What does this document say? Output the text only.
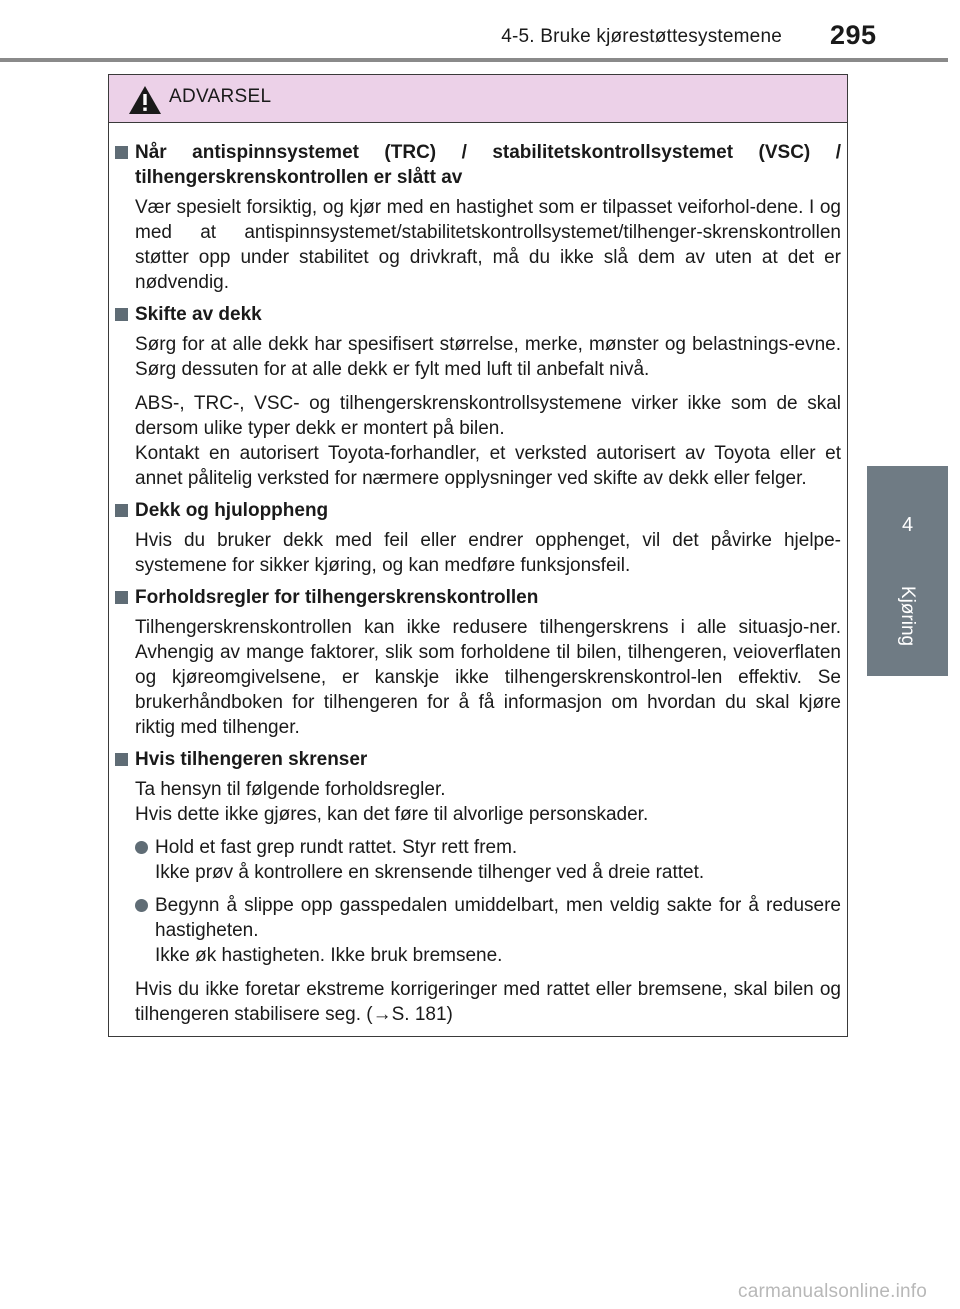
4-5. Bruke kjørestøttesystemene 295
4
Kjøring
ADVARSEL
Når antispinnsystemet (TRC) / stabilitetskontrollsystemet (VSC) / tilhengerskrenskontrollen er slått av
Vær spesielt forsiktig, og kjør med en hastighet som er tilpasset veiforhol-dene. I og med at antispinnsystemet/stabilitetskontrollsystemet/tilhenger-skrenskontrollen støtter opp under stabilitet og drivkraft, må du ikke slå dem av uten at det er nødvendig.
Skifte av dekk
Sørg for at alle dekk har spesifisert størrelse, merke, mønster og belastnings-evne. Sørg dessuten for at alle dekk er fylt med luft til anbefalt nivå.
ABS-, TRC-, VSC- og tilhengerskrenskontrollsystemene virker ikke som de skal dersom ulike typer dekk er montert på bilen.
Kontakt en autorisert Toyota-forhandler, et verksted autorisert av Toyota eller et annet pålitelig verksted for nærmere opplysninger ved skifte av dekk eller felger.
Dekk og hjuloppheng
Hvis du bruker dekk med feil eller endrer opphenget, vil det påvirke hjelpe-systemene for sikker kjøring, og kan medføre funksjonsfeil.
Forholdsregler for tilhengerskrenskontrollen
Tilhengerskrenskontrollen kan ikke redusere tilhengerskrens i alle situasjo-ner. Avhengig av mange faktorer, slik som forholdene til bilen, tilhengeren, veioverflaten og kjøreomgivelsene, er kanskje ikke tilhengerskrenskontrol-len effektiv. Se brukerhåndboken for tilhengeren for å få informasjon om hvordan du skal kjøre riktig med tilhenger.
Hvis tilhengeren skrenser
Ta hensyn til følgende forholdsregler.
Hvis dette ikke gjøres, kan det føre til alvorlige personskader.
Hold et fast grep rundt rattet. Styr rett frem.
Ikke prøv å kontrollere en skrensende tilhenger ved å dreie rattet.
Begynn å slippe opp gasspedalen umiddelbart, men veldig sakte for å redusere hastigheten.
Ikke øk hastigheten. Ikke bruk bremsene.
Hvis du ikke foretar ekstreme korrigeringer med rattet eller bremsene, skal bilen og tilhengeren stabilisere seg. (→S. 181)
carmanualsonline.info
